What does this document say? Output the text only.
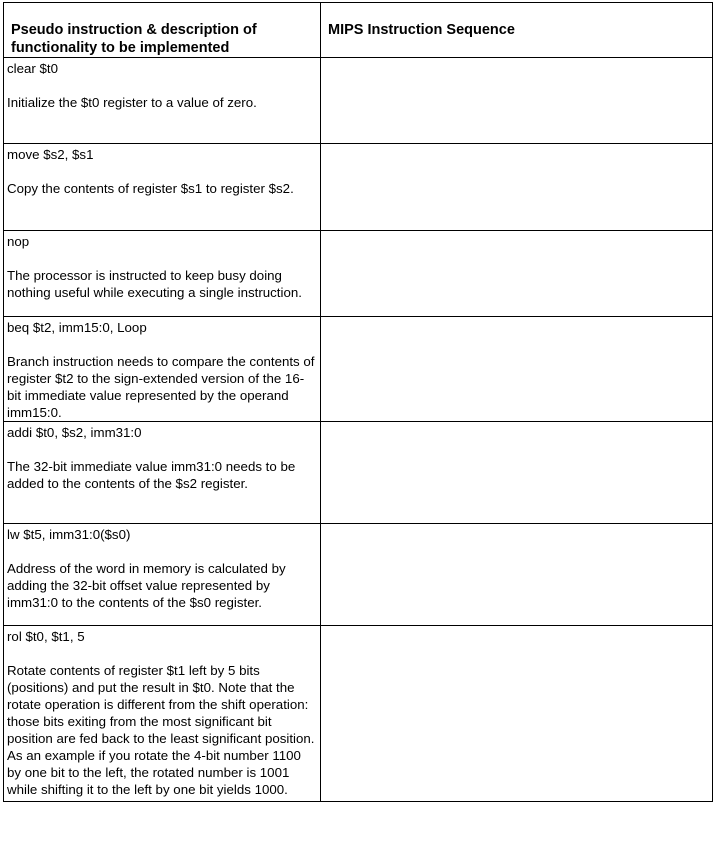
Pseudo instruction & description of functionality to be implemented	MIPS Instruction Sequence

clear $t0
Initialize the $t0 register to a value of zero.	

move $s2, $s1
Copy the contents of register $s1 to register $s2.	

nop
The processor is instructed to keep busy doing nothing useful while executing a single instruction.	

beq $t2, imm15:0, Loop
Branch instruction needs to compare the contents of register $t2 to the sign-extended version of the 16-bit immediate value represented by the operand imm15:0.	

addi $t0, $s2, imm31:0
The 32-bit immediate value imm31:0 needs to be added to the contents of the $s2 register.	

lw $t5, imm31:0($s0)
Address of the word in memory is calculated by adding the 32-bit offset value represented by imm31:0 to the contents of the $s0 register.	

rol $t0, $t1, 5
Rotate contents of register $t1 left by 5 bits (positions) and put the result in $t0. Note that the rotate operation is different from the shift operation: those bits exiting from the most significant bit position are fed back to the least significant position. As an example if you rotate the 4-bit number 1100 by one bit to the left, the rotated number is 1001 while shifting it to the left by one bit yields 1000.	
